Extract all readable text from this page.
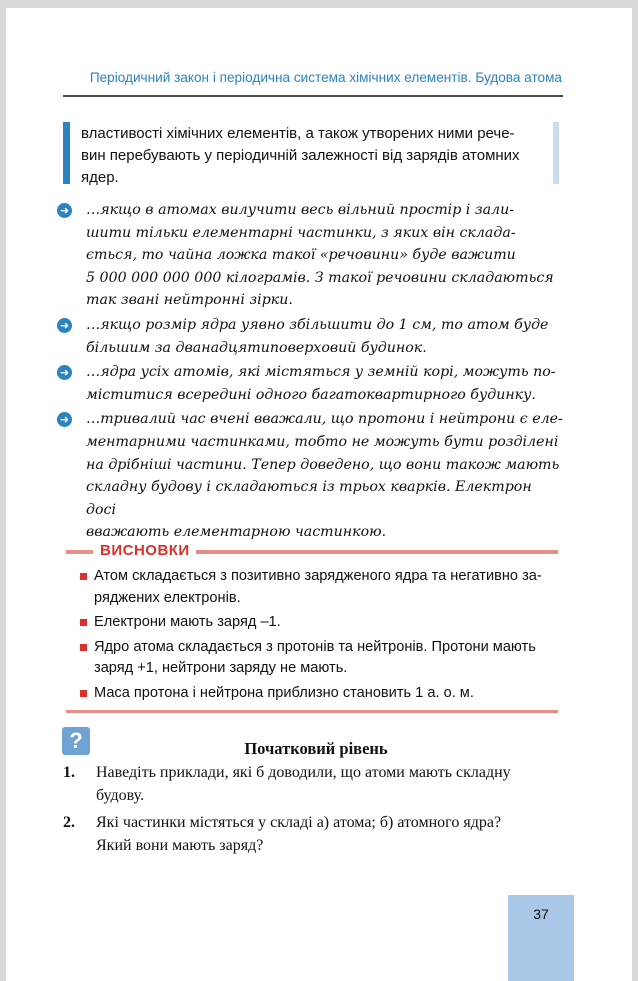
Періодичний закон і періодична система хімічних елементів. Будова атома
властивості хімічних елементів, а також утворених ними рече-
вин перебувають у періодичній залежності від зарядів атомних
ядер.
➜ …якщо в атомах вилучити весь вільний простір і зали-
шити тільки елементарні частинки, з яких він склада-
ється, то чайна ложка такої «речовини» буде важити
5 000 000 000 000 кілограмів. З такої речовини складаються
так звані нейтронні зірки.
➜ …якщо розмір ядра уявно збільшити до 1 см, то атом буде
більшим за дванадцятиповерховий будинок.
➜ …ядра усіх атомів, які містяться у земній корі, можуть по-
міститися всередині одного багатоквартирного будинку.
➜ …тривалий час вчені вважали, що протони і нейтрони є еле-
ментарними частинками, тобто не можуть бути розділені
на дрібніші частини. Тепер доведено, що вони також мають
складну будову і складаються із трьох кварків. Електрон досі
вважають елементарною частинкою.
ВИСНОВКИ
Атом складається з позитивно зарядженого ядра та негативно за-
ряджених електронів.
Електрони мають заряд –1.
Ядро атома складається з протонів та нейтронів. Протони мають
заряд +1, нейтрони заряду не мають.
Маса протона і нейтрона приблизно становить 1 а. о. м.
?	Початковий рівень
1. Наведіть приклади, які б доводили, що атоми мають складну
будову.
2. Які частинки містяться у складі а) атома; б) атомного ядра?
Який вони мають заряд?
37
